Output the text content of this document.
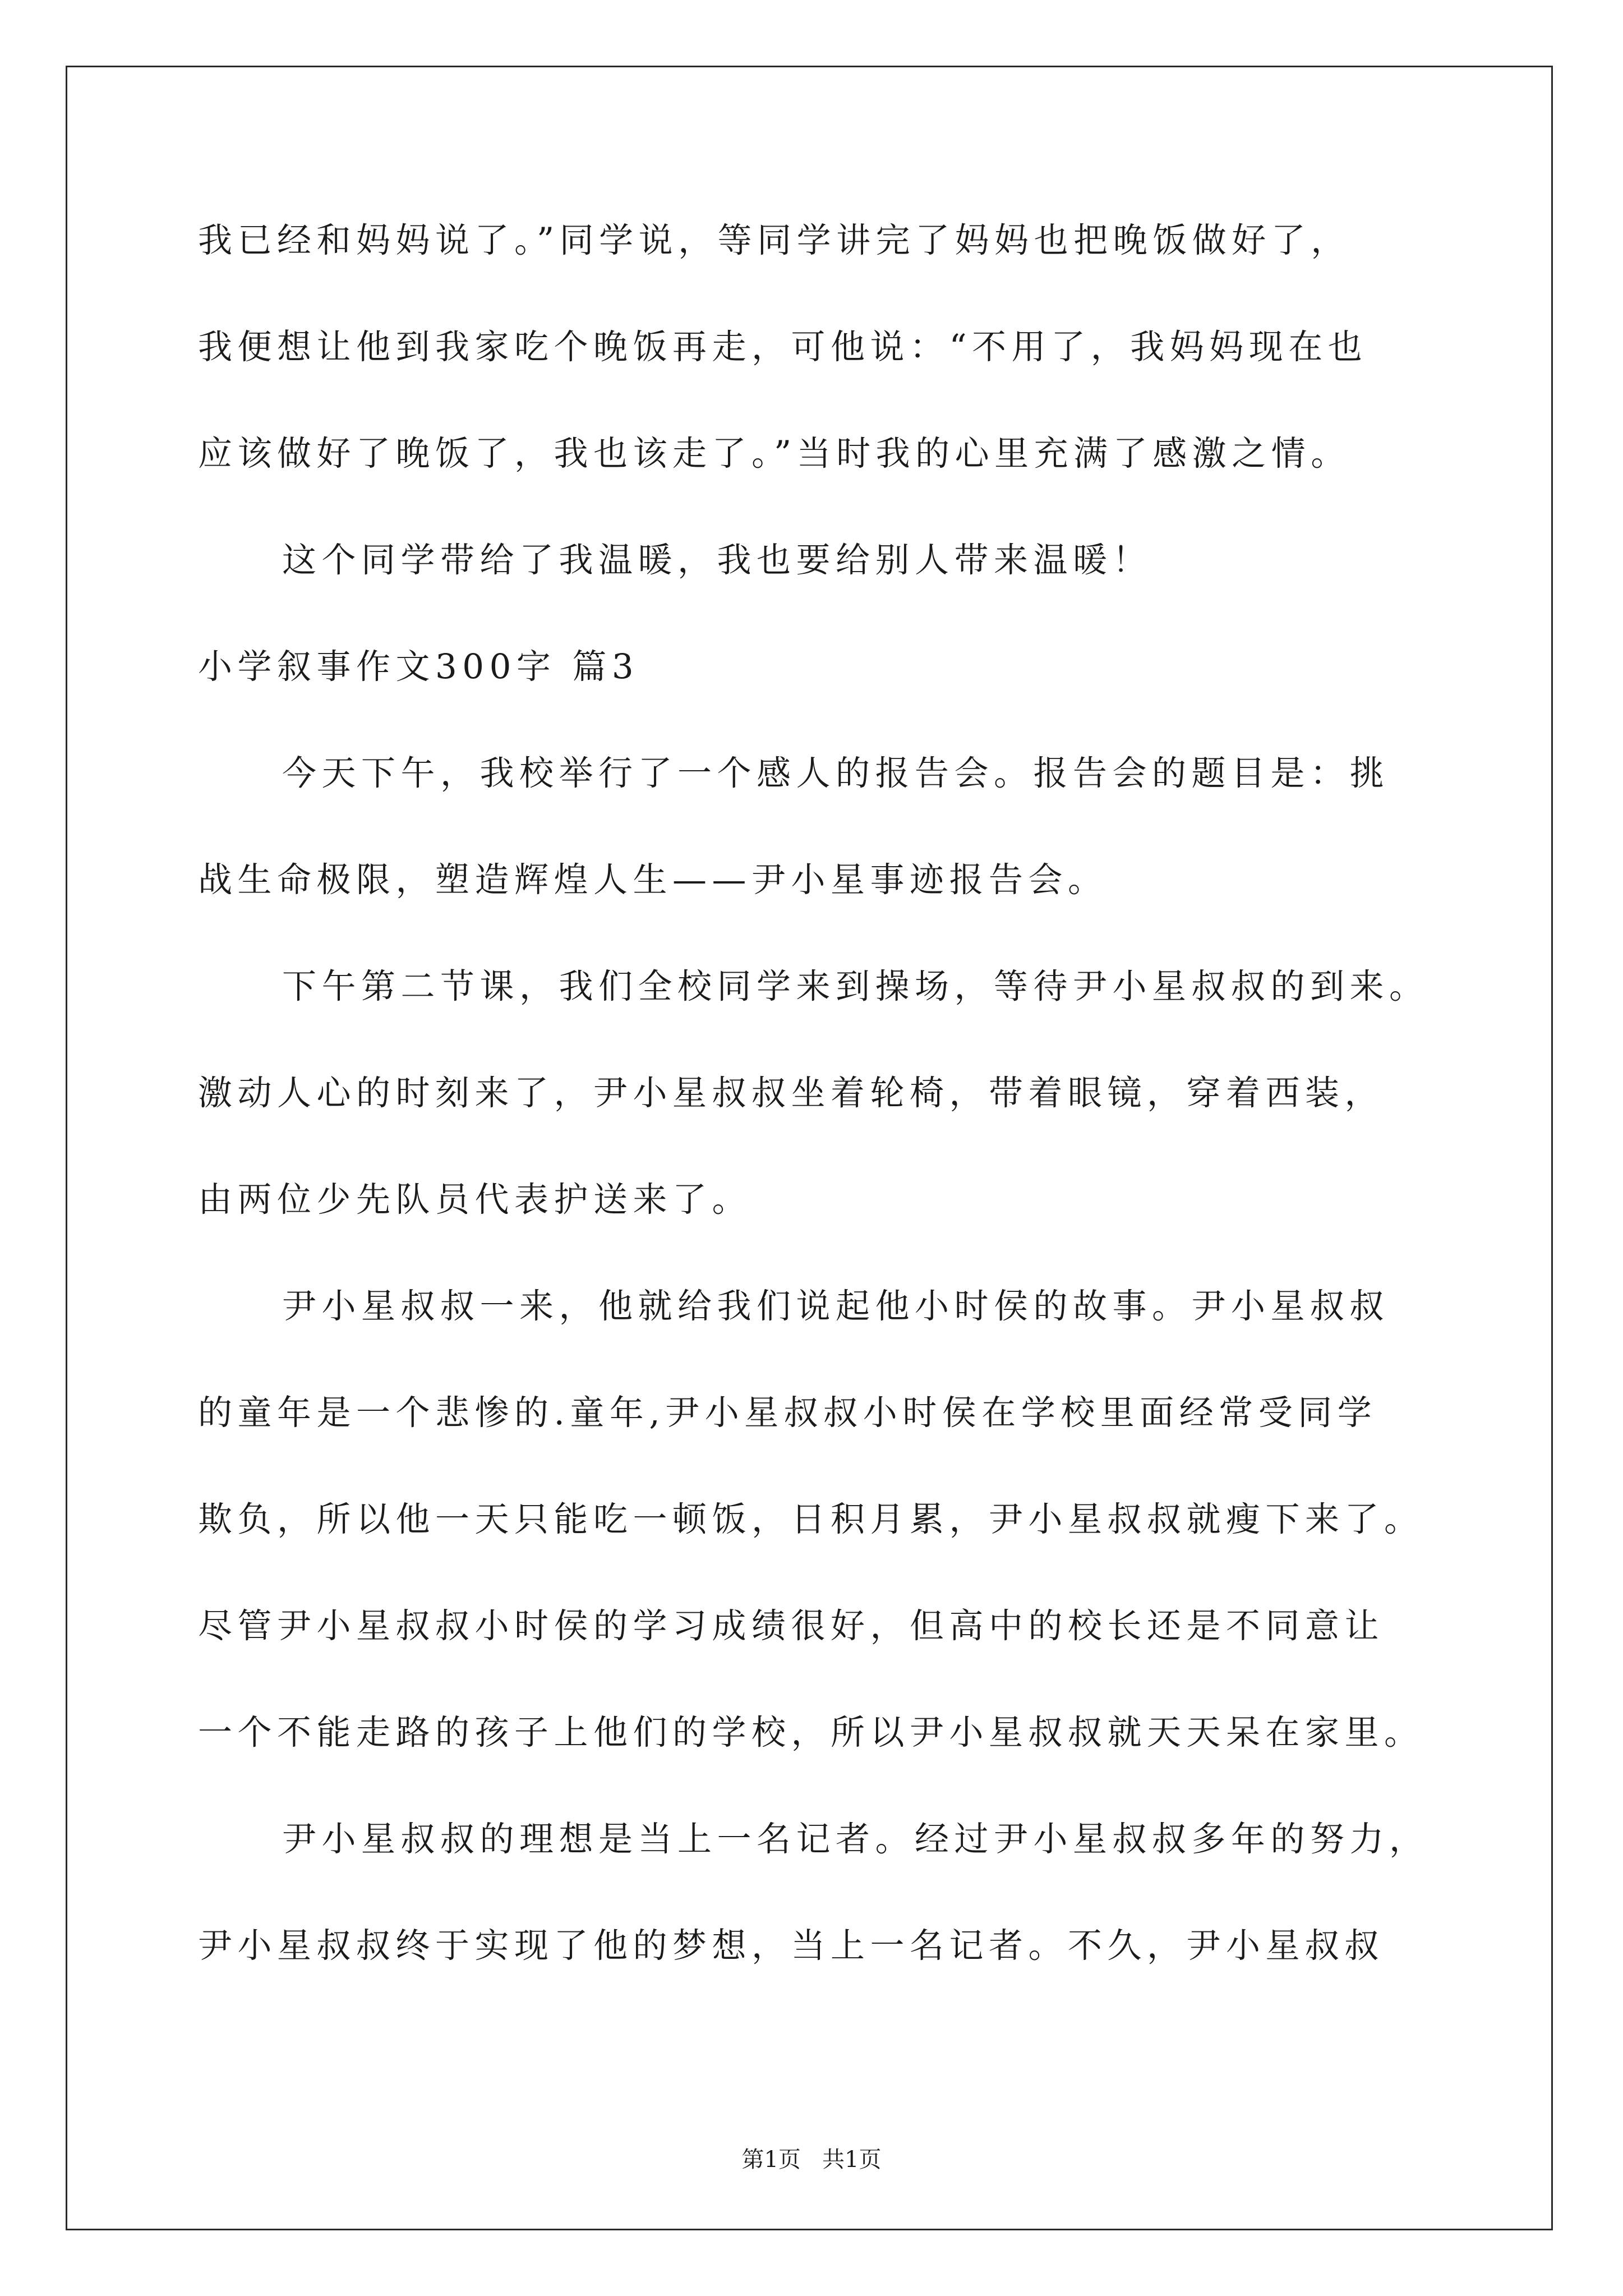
我已经和妈妈说了。”同学说，等同学讲完了妈妈也把晚饭做好了，
我便想让他到我家吃个晚饭再走，可他说：“不用了，我妈妈现在也
应该做好了晚饭了，我也该走了。”当时我的心里充满了感激之情。
这个同学带给了我温暖，我也要给别人带来温暖！
小学叙事作文300字 篇3
今天下午，我校举行了一个感人的报告会。报告会的题目是：挑
战生命极限，塑造辉煌人生——尹小星事迹报告会。
下午第二节课，我们全校同学来到操场，等待尹小星叔叔的到来。
激动人心的时刻来了，尹小星叔叔坐着轮椅，带着眼镜，穿着西装，
由两位少先队员代表护送来了。
尹小星叔叔一来，他就给我们说起他小时侯的故事。尹小星叔叔
的童年是一个悲惨的.童年,尹小星叔叔小时侯在学校里面经常受同学
欺负，所以他一天只能吃一顿饭，日积月累，尹小星叔叔就瘦下来了。
尽管尹小星叔叔小时侯的学习成绩很好，但高中的校长还是不同意让
一个不能走路的孩子上他们的学校，所以尹小星叔叔就天天呆在家里。
尹小星叔叔的理想是当上一名记者。经过尹小星叔叔多年的努力，
尹小星叔叔终于实现了他的梦想，当上一名记者。不久，尹小星叔叔
第1页   共1页
